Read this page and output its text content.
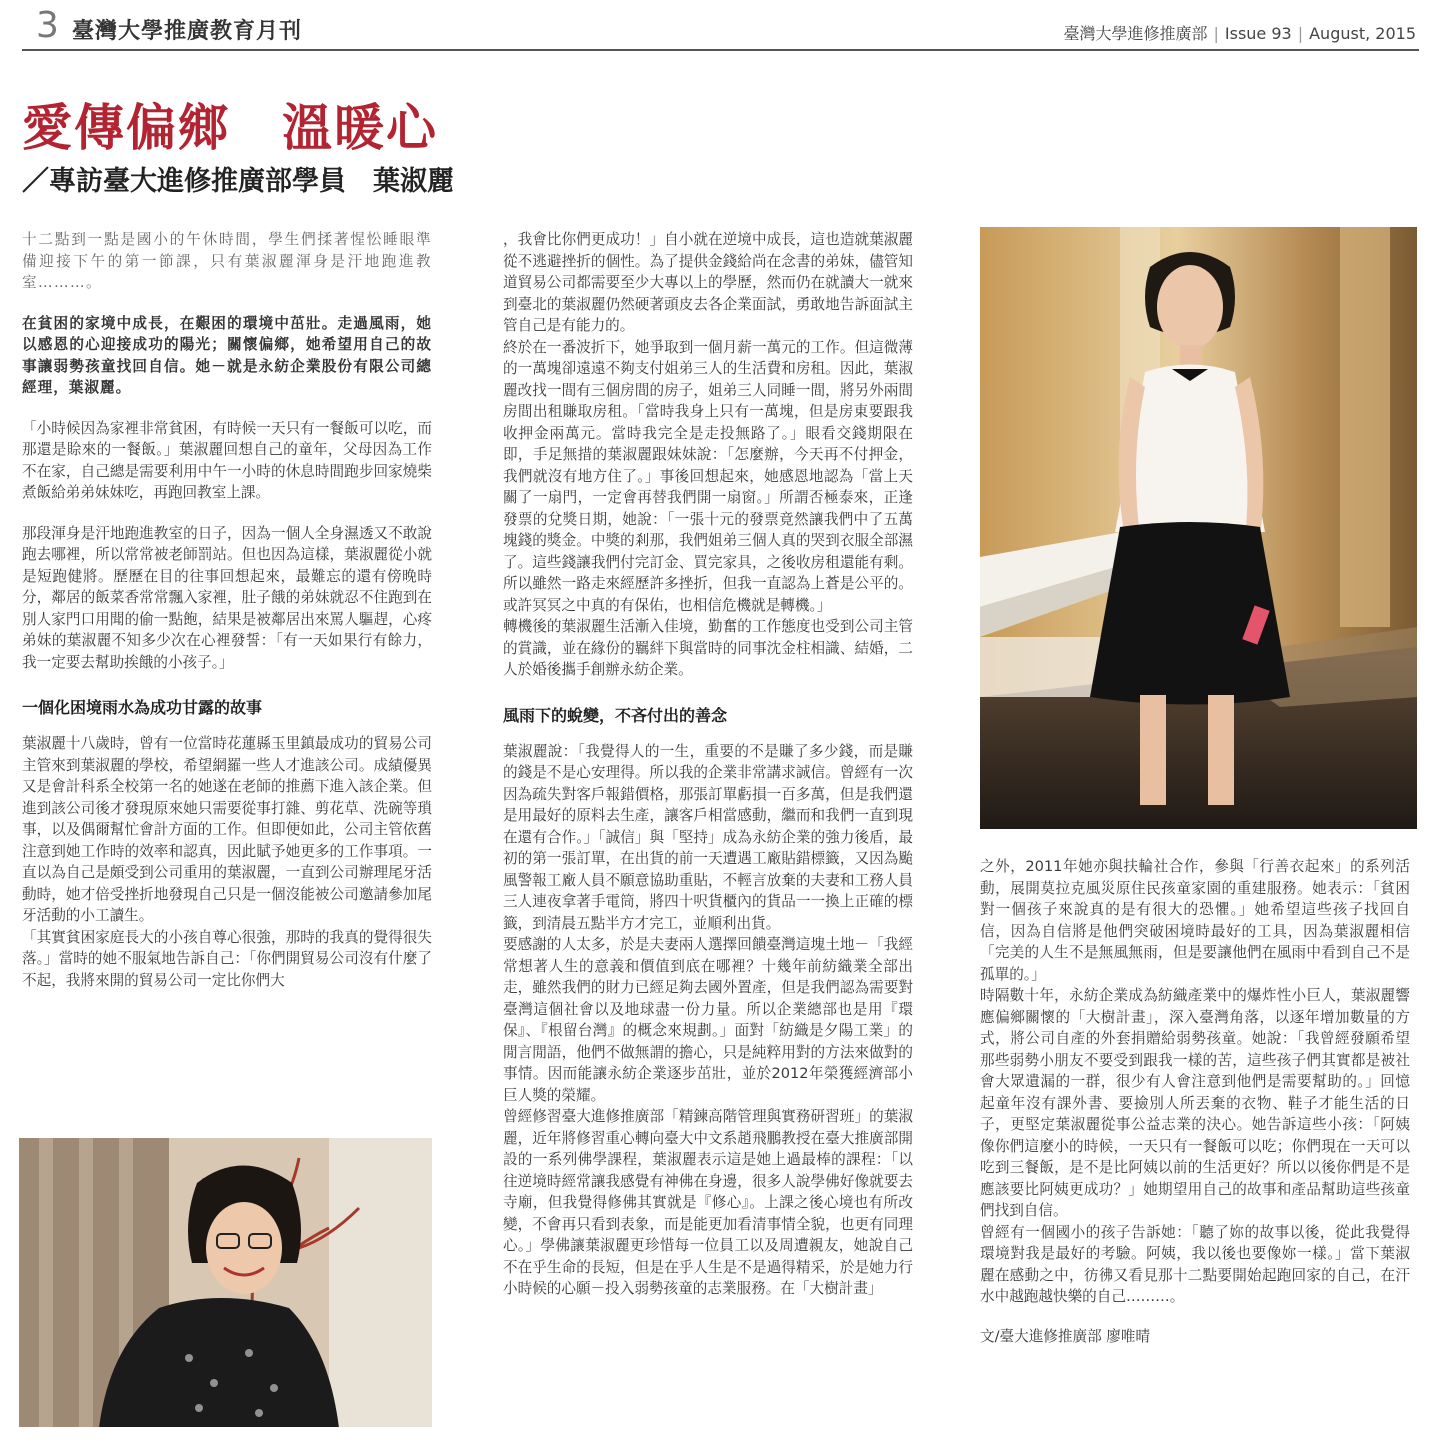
3 臺灣大學推廣教育月刊	臺灣大學進修推廣部 | Issue 93 | August, 2015
愛傳偏鄉　溫暖心
／專訪臺大進修推廣部學員　葉淑麗

十二點到一點是國小的午休時間，學生們揉著惺忪睡眼準備迎接下午的第一節課，只有葉淑麗渾身是汗地跑進教室………。

在貧困的家境中成長，在艱困的環境中茁壯。走過風雨，她以感恩的心迎接成功的陽光；關懷偏鄉，她希望用自己的故事讓弱勢孩童找回自信。她－就是永紡企業股份有限公司總經理，葉淑麗。

「小時候因為家裡非常貧困，有時候一天只有一餐飯可以吃，而那還是賒來的一餐飯。」葉淑麗回想自己的童年，父母因為工作不在家，自己總是需要利用中午一小時的休息時間跑步回家燒柴煮飯給弟弟妹妹吃，再跑回教室上課。

那段渾身是汗地跑進教室的日子，因為一個人全身濕透又不敢說跑去哪裡，所以常常被老師罰站。但也因為這樣，葉淑麗從小就是短跑健將。歷歷在目的往事回想起來，最難忘的還有傍晚時分，鄰居的飯菜香常常飄入家裡，肚子餓的弟妹就忍不住跑到在別人家門口用聞的偷一點飽，結果是被鄰居出來罵人驅趕，心疼弟妹的葉淑麗不知多少次在心裡發誓：「有一天如果行有餘力，我一定要去幫助挨餓的小孩子。」

一個化困境雨水為成功甘露的故事

葉淑麗十八歲時，曾有一位當時花蓮縣玉里鎮最成功的貿易公司主管來到葉淑麗的學校，希望網羅一些人才進該公司。成績優異又是會計科系全校第一名的她遂在老師的推薦下進入該企業。但進到該公司後才發現原來她只需要從事打雜、剪花草、洗碗等瑣事，以及偶爾幫忙會計方面的工作。但即便如此，公司主管依舊注意到她工作時的效率和認真，因此賦予她更多的工作事項。一直以為自己是頗受到公司重用的葉淑麗，一直到公司辦理尾牙活動時，她才倍受挫折地發現自己只是一個沒能被公司邀請參加尾牙活動的小工讀生。

「其實貧困家庭長大的小孩自尊心很強，那時的我真的覺得很失落。」當時的她不服氣地告訴自己：「你們開貿易公司沒有什麼了不起，我將來開的貿易公司一定比你們大

，我會比你們更成功！」自小就在逆境中成長，這也造就葉淑麗從不逃避挫折的個性。為了提供金錢給尚在念書的弟妹，儘管知道貿易公司都需要至少大專以上的學歷，然而仍在就讀大一就來到臺北的葉淑麗仍然硬著頭皮去各企業面試，勇敢地告訴面試主管自己是有能力的。

終於在一番波折下，她爭取到一個月薪一萬元的工作。但這微薄的一萬塊卻遠遠不夠支付姐弟三人的生活費和房租。因此，葉淑麗改找一間有三個房間的房子，姐弟三人同睡一間，將另外兩間房間出租賺取房租。「當時我身上只有一萬塊，但是房東要跟我收押金兩萬元。當時我完全是走投無路了。」眼看交錢期限在即，手足無措的葉淑麗跟妹妹說：「怎麼辦，今天再不付押金，我們就沒有地方住了。」事後回想起來，她感恩地認為「當上天關了一扇門，一定會再替我們開一扇窗。」所謂否極泰來，正逢發票的兌獎日期，她說：「一張十元的發票竟然讓我們中了五萬塊錢的獎金。中獎的剎那，我們姐弟三個人真的哭到衣服全部濕了。這些錢讓我們付完訂金、買完家具，之後收房租還能有剩。所以雖然一路走來經歷許多挫折，但我一直認為上蒼是公平的。或許冥冥之中真的有保佑，也相信危機就是轉機。」

轉機後的葉淑麗生活漸入佳境，勤奮的工作態度也受到公司主管的賞識，並在緣份的羈絆下與當時的同事沈金柱相識、結婚，二人於婚後攜手創辦永紡企業。

風雨下的蛻變，不吝付出的善念

葉淑麗說：「我覺得人的一生，重要的不是賺了多少錢，而是賺的錢是不是心安理得。所以我的企業非常講求誠信。曾經有一次因為疏失對客戶報錯價格，那張訂單虧損一百多萬，但是我們還是用最好的原料去生產，讓客戶相當感動，繼而和我們一直到現在還有合作。」「誠信」與「堅持」成為永紡企業的強力後盾，最初的第一張訂單，在出貨的前一天遭遇工廠貼錯標籤，又因為颱風警報工廠人員不願意協助重貼，不輕言放棄的夫妻和工務人員三人連夜拿著手電筒，將四十呎貨櫃內的貨品一一換上正確的標籤，到清晨五點半方才完工，並順利出貨。

要感謝的人太多，於是夫妻兩人選擇回饋臺灣這塊土地－「我經常想著人生的意義和價值到底在哪裡？十幾年前紡織業全部出走，雖然我們的財力已經足夠去國外置產，但是我們認為需要對臺灣這個社會以及地球盡一份力量。所以企業總部也是用『環保』、『根留台灣』的概念來規劃。」面對「紡織是夕陽工業」的閒言閒語，他們不做無謂的擔心，只是純粹用對的方法來做對的事情。因而能讓永紡企業逐步茁壯，並於2012年榮獲經濟部小巨人獎的榮耀。

曾經修習臺大進修推廣部「精鍊高階管理與實務研習班」的葉淑麗，近年將修習重心轉向臺大中文系趙飛鵬教授在臺大推廣部開設的一系列佛學課程，葉淑麗表示這是她上過最棒的課程：「以往逆境時經常讓我感覺有神佛在身邊，很多人說學佛好像就要去寺廟，但我覺得修佛其實就是『修心』。上課之後心境也有所改變，不會再只看到表象，而是能更加看清事情全貌，也更有同理心。」學佛讓葉淑麗更珍惜每一位員工以及周遭親友，她說自己不在乎生命的長短，但是在乎人生是不是過得精采，於是她力行小時候的心願－投入弱勢孩童的志業服務。在「大樹計畫」

之外，2011年她亦與扶輪社合作，參與「行善衣起來」的系列活動，展開莫拉克風災原住民孩童家園的重建服務。她表示：「貧困對一個孩子來說真的是有很大的恐懼。」她希望這些孩子找回自信，因為自信將是他們突破困境時最好的工具，因為葉淑麗相信「完美的人生不是無風無雨，但是要讓他們在風雨中看到自己不是孤單的。」

時隔數十年，永紡企業成為紡織產業中的爆炸性小巨人，葉淑麗響應偏鄉關懷的「大樹計畫」，深入臺灣角落，以逐年增加數量的方式，將公司自產的外套捐贈給弱勢孩童。她說：「我曾經發願希望那些弱勢小朋友不要受到跟我一樣的苦，這些孩子們其實都是被社會大眾遺漏的一群，很少有人會注意到他們是需要幫助的。」回憶起童年沒有課外書、要撿別人所丟棄的衣物、鞋子才能生活的日子，更堅定葉淑麗從事公益志業的決心。她告訴這些小孩：「阿姨像你們這麼小的時候，一天只有一餐飯可以吃；你們現在一天可以吃到三餐飯，是不是比阿姨以前的生活更好？所以以後你們是不是應該要比阿姨更成功？」她期望用自己的故事和產品幫助這些孩童們找到自信。

曾經有一個國小的孩子告訴她：「聽了妳的故事以後，從此我覺得環境對我是最好的考驗。阿姨，我以後也要像妳一樣。」當下葉淑麗在感動之中，彷彿又看見那十二點要開始起跑回家的自己，在汗水中越跑越快樂的自己………。

文/臺大進修推廣部 廖唯晴
